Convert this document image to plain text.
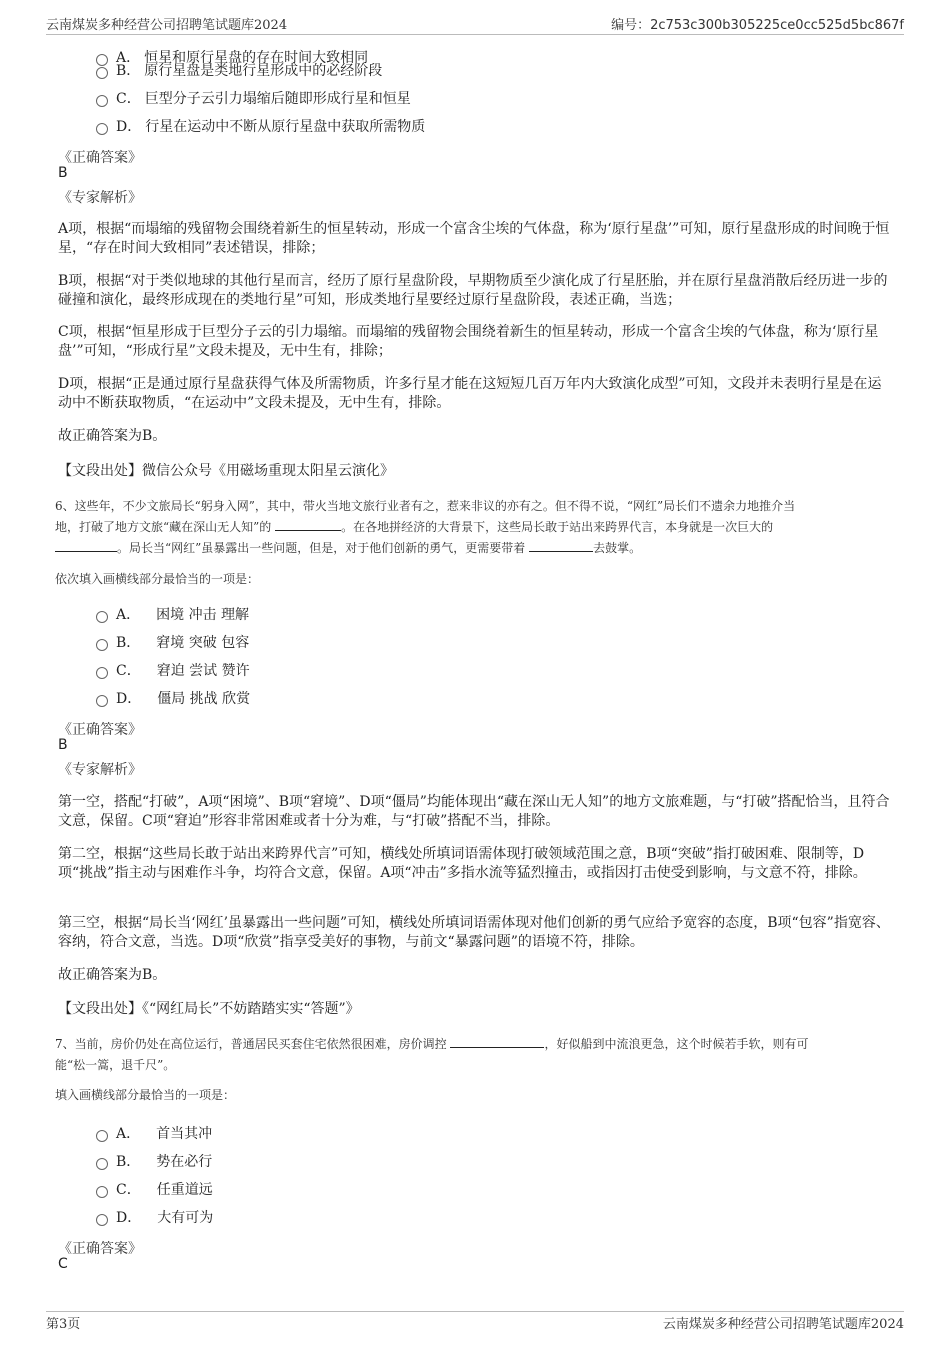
云南煤炭多种经营公司招聘笔试题库2024	编号：2c753c300b305225ce0cc525d5bc867f
A． 恒星和原行星盘的存在时间大致相同
B． 原行星盘是类地行星形成中的必经阶段
C． 巨型分子云引力塌缩后随即形成行星和恒星
D． 行星在运动中不断从原行星盘中获取所需物质
《正确答案》
B
《专家解析》
A项，根据“而塌缩的残留物会围绕着新生的恒星转动，形成一个富含尘埃的气体盘，称为‘原行星盘’”可知，原行星盘形成的时间晚于恒星，“存在时间大致相同”表述错误，排除；
B项，根据“对于类似地球的其他行星而言，经历了原行星盘阶段，早期物质至少演化成了行星胚胎，并在原行星盘消散后经历进一步的碰撞和演化，最终形成现在的类地行星”可知，形成类地行星要经过原行星盘阶段，表述正确，当选；
C项，根据“恒星形成于巨型分子云的引力塌缩。而塌缩的残留物会围绕着新生的恒星转动，形成一个富含尘埃的气体盘，称为‘原行星盘’”可知，“形成行星”文段未提及，无中生有，排除；
D项，根据“正是通过原行星盘获得气体及所需物质，许多行星才能在这短短几百万年内大致演化成型”可知，文段并未表明行星是在运动中不断获取物质，“在运动中”文段未提及，无中生有，排除。
故正确答案为B。
【文段出处】微信公众号《用磁场重现太阳星云演化》
6、这些年，不少文旅局长“躬身入网”，其中，带火当地文旅行业者有之，惹来非议的亦有之。但不得不说，“网红”局长们不遗余力地推介当
地，打破了地方文旅“藏在深山无人知”的	。在各地拼经济的大背景下，这些局长敢于站出来跨界代言，本身就是一次巨大的
。局长当“网红”虽暴露出一些问题，但是，对于他们创新的勇气，更需要带着	去鼓掌。
依次填入画横线部分最恰当的一项是：
A． 困境 冲击 理解
B． 窘境 突破 包容
C． 窘迫 尝试 赞许
D． 僵局 挑战 欣赏
《正确答案》
B
《专家解析》
第一空，搭配“打破”，A项“困境”、B项“窘境”、D项“僵局”均能体现出“藏在深山无人知”的地方文旅难题，与“打破”搭配恰当，且符合文意，保留。C项“窘迫”形容非常困难或者十分为难，与“打破”搭配不当，排除。
第二空，根据“这些局长敢于站出来跨界代言”可知，横线处所填词语需体现打破领域范围之意，B项“突破”指打破困难、限制等，D项“挑战”指主动与困难作斗争，均符合文意，保留。A项“冲击”多指水流等猛烈撞击，或指因打击使受到影响，与文意不符，排除。
第三空，根据“局长当‘网红’虽暴露出一些问题”可知，横线处所填词语需体现对他们创新的勇气应给予宽容的态度，B项“包容”指宽容、容纳，符合文意，当选。D项“欣赏”指享受美好的事物，与前文“暴露问题”的语境不符，排除。
故正确答案为B。
【文段出处】《“网红局长”不妨踏踏实实“答题”》
7、当前，房价仍处在高位运行，普通居民买套住宅依然很困难，房价调控	，好似船到中流浪更急，这个时候若手软，则有可
能“松一篙，退千尺”。
填入画横线部分最恰当的一项是：
A． 首当其冲
B． 势在必行
C． 任重道远
D． 大有可为
《正确答案》
C
第3页	云南煤炭多种经营公司招聘笔试题库2024
